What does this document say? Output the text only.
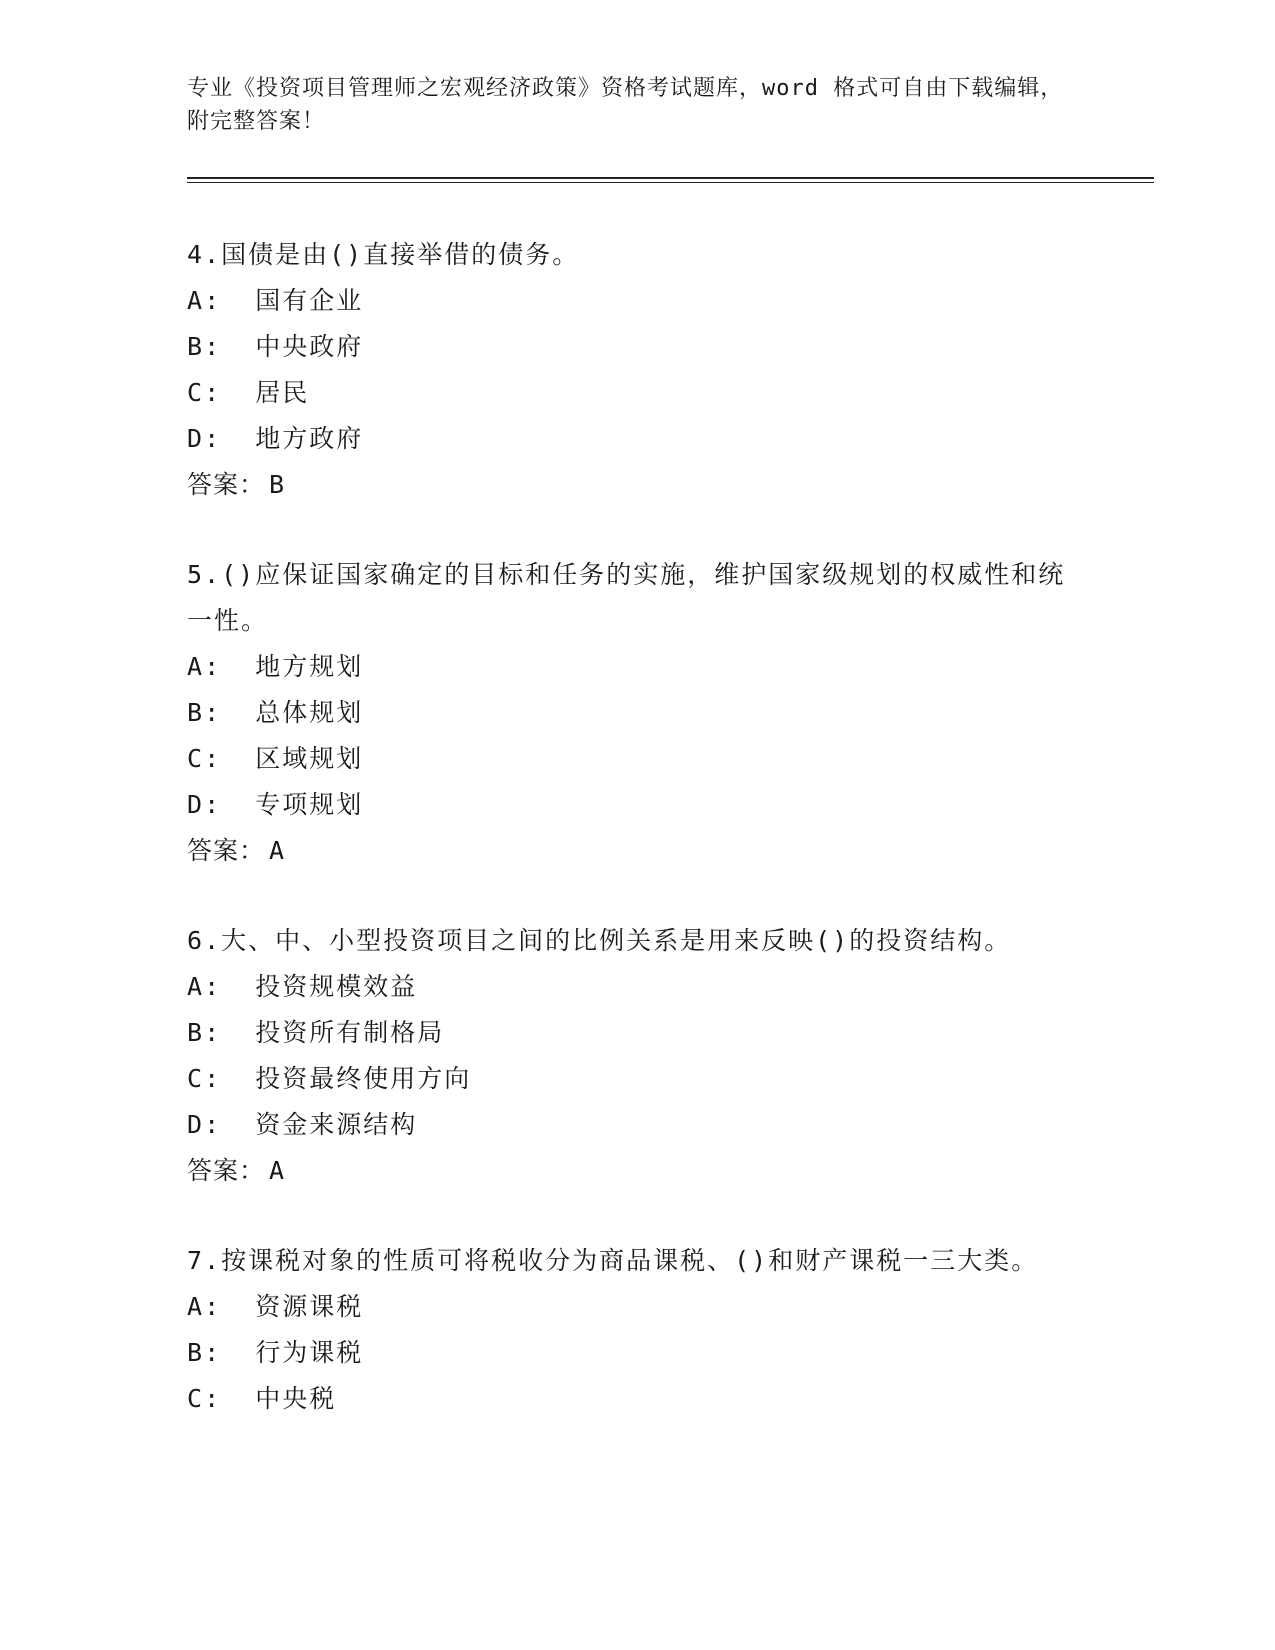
专业《投资项目管理师之宏观经济政策》资格考试题库，word 格式可自由下载编辑，附完整答案！

4.国债是由()直接举借的债务。

A:  国有企业

B:  中央政府

C:  居民

D:  地方政府

答案： B

5.()应保证国家确定的目标和任务的实施，维护国家级规划的权威性和统一性。

A:  地方规划

B:  总体规划

C:  区域规划

D:  专项规划

答案： A

6.大、中、小型投资项目之间的比例关系是用来反映()的投资结构。

A:  投资规模效益

B:  投资所有制格局

C:  投资最终使用方向

D:  资金来源结构

答案： A

7.按课税对象的性质可将税收分为商品课税、()和财产课税一三大类。

A:  资源课税

B:  行为课税

C:  中央税
